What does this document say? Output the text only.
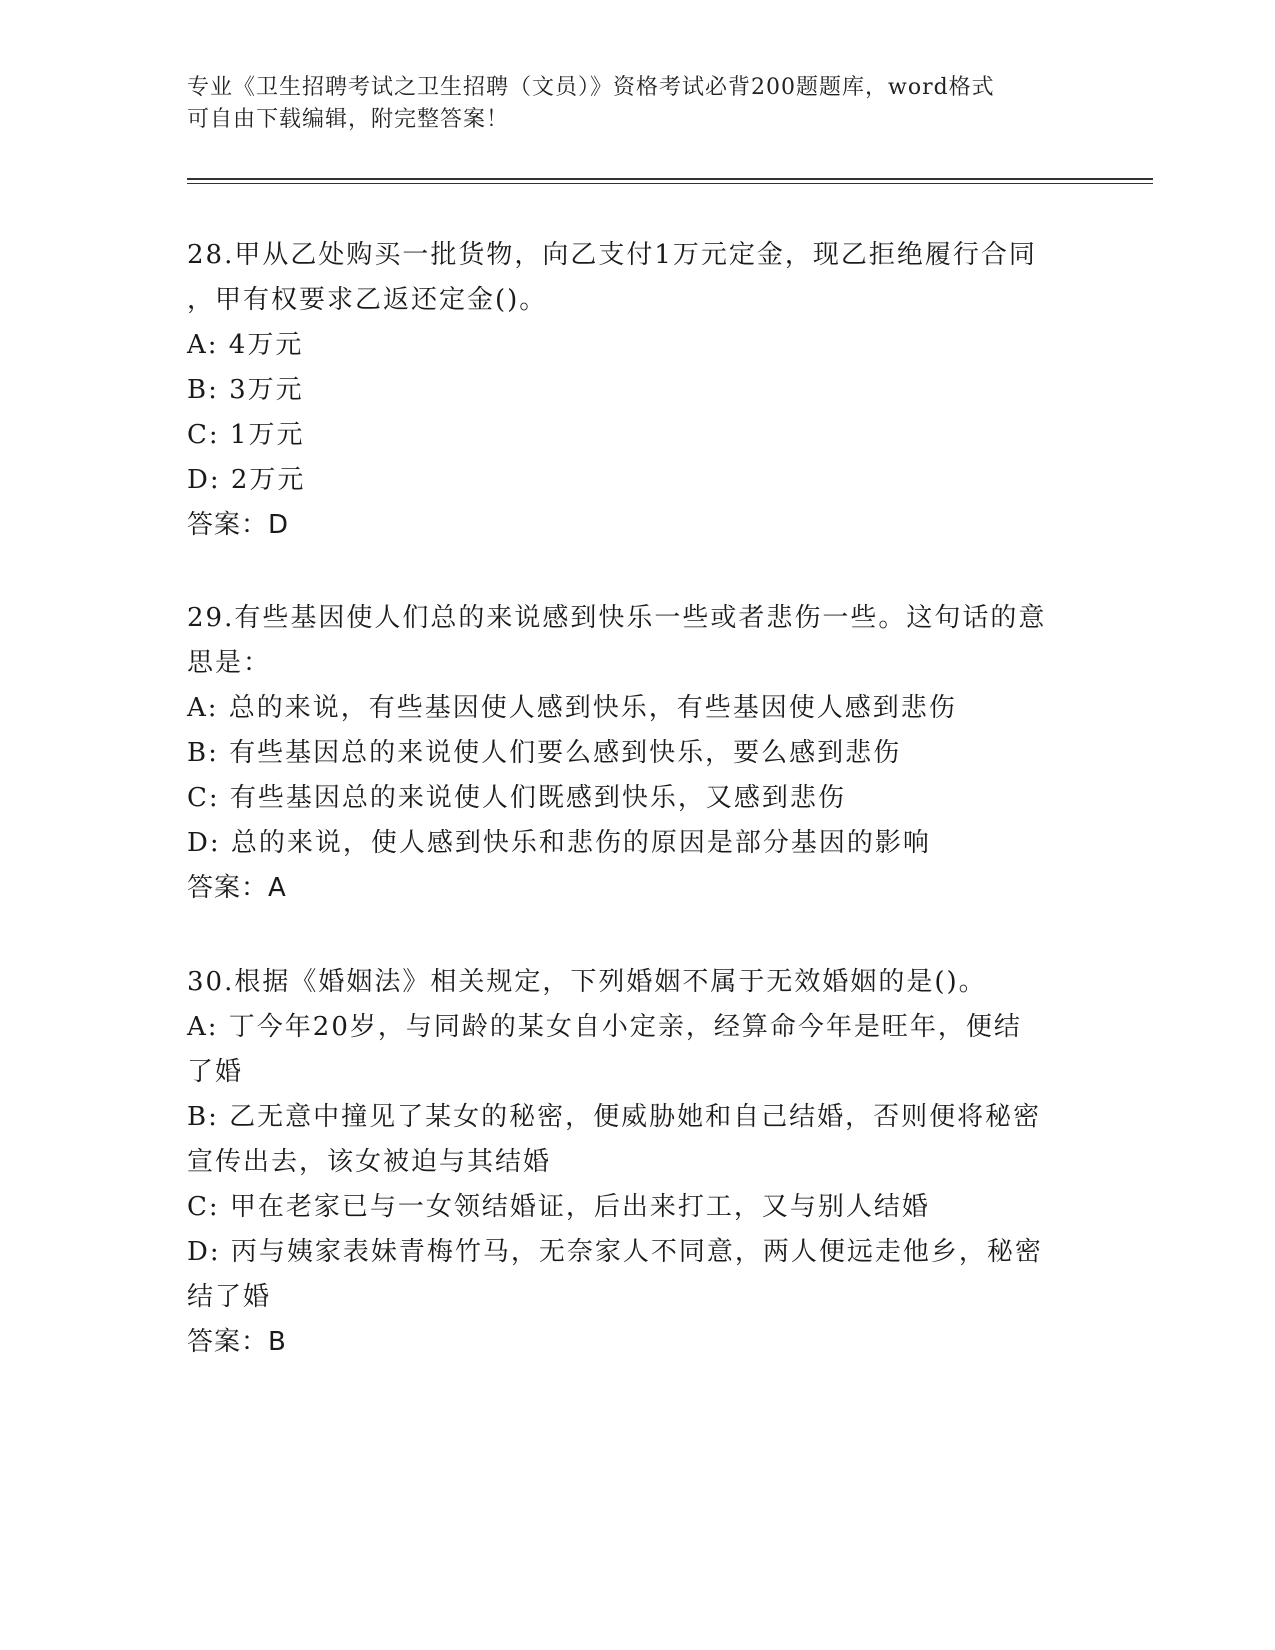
专业《卫生招聘考试之卫生招聘（文员）》资格考试必背200题题库，word格式
可自由下载编辑，附完整答案！
28.甲从乙处购买一批货物，向乙支付1万元定金，现乙拒绝履行合同
，甲有权要求乙返还定金()。
A: 4万元
B: 3万元
C: 1万元
D: 2万元
答案：D
29.有些基因使人们总的来说感到快乐一些或者悲伤一些。这句话的意
思是：
A: 总的来说，有些基因使人感到快乐，有些基因使人感到悲伤
B: 有些基因总的来说使人们要么感到快乐，要么感到悲伤
C: 有些基因总的来说使人们既感到快乐，又感到悲伤
D: 总的来说，使人感到快乐和悲伤的原因是部分基因的影响
答案：A
30.根据《婚姻法》相关规定，下列婚姻不属于无效婚姻的是()。
A: 丁今年20岁，与同龄的某女自小定亲，经算命今年是旺年，便结
了婚
B: 乙无意中撞见了某女的秘密，便威胁她和自己结婚，否则便将秘密
宣传出去，该女被迫与其结婚
C: 甲在老家已与一女领结婚证，后出来打工，又与别人结婚
D: 丙与姨家表妹青梅竹马，无奈家人不同意，两人便远走他乡，秘密
结了婚
答案：B
